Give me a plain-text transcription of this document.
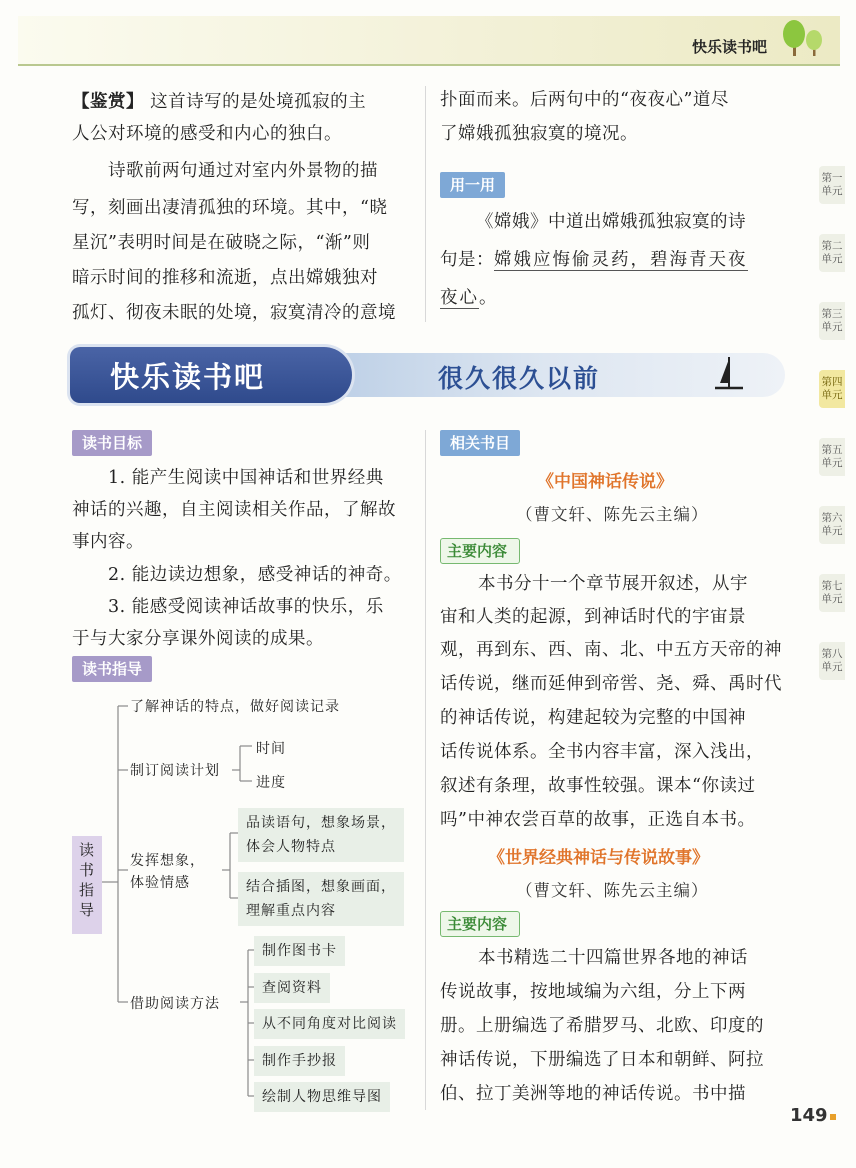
快乐读书吧
【鉴赏】 这首诗写的是处境孤寂的主
人公对环境的感受和内心的独白。
诗歌前两句通过对室内外景物的描
写，刻画出凄清孤独的环境。其中，“晓
星沉”表明时间是在破晓之际，“渐”则
暗示时间的推移和流逝，点出嫦娥独对
孤灯、彻夜未眠的处境，寂寞清冷的意境
扑面而来。后两句中的“夜夜心”道尽
了嫦娥孤独寂寞的境况。
用一用
《嫦娥》中道出嫦娥孤独寂寞的诗
句是：嫦娥应悔偷灵药，碧海青天夜
夜心。
快乐读书吧	很久很久以前
读书目标
1. 能产生阅读中国神话和世界经典
神话的兴趣，自主阅读相关作品，了解故
事内容。
2. 能边读边想象，感受神话的神奇。
3. 能感受阅读神话故事的快乐，乐
于与大家分享课外阅读的成果。
读书指导
读
书
指
导
了解神话的特点，做好阅读记录
制订阅读计划
时间
进度
发挥想象，
体验情感
品读语句，想象场景，
体会人物特点
结合插图，想象画面，
理解重点内容
借助阅读方法
制作图书卡
查阅资料
从不同角度对比阅读
制作手抄报
绘制人物思维导图
相关书目
《中国神话传说》
（曹文轩、陈先云主编）
主要内容
本书分十一个章节展开叙述，从宇
宙和人类的起源，到神话时代的宇宙景
观，再到东、西、南、北、中五方天帝的神
话传说，继而延伸到帝喾、尧、舜、禹时代
的神话传说，构建起较为完整的中国神
话传说体系。全书内容丰富，深入浅出，
叙述有条理，故事性较强。课本“你读过
吗”中神农尝百草的故事，正选自本书。
《世界经典神话与传说故事》
（曹文轩、陈先云主编）
主要内容
本书精选二十四篇世界各地的神话
传说故事，按地域编为六组，分上下两
册。上册编选了希腊罗马、北欧、印度的
神话传说，下册编选了日本和朝鲜、阿拉
伯、拉丁美洲等地的神话传说。书中描
第一单元
第二单元
第三单元
第四单元
第五单元
第六单元
第七单元
第八单元
149
